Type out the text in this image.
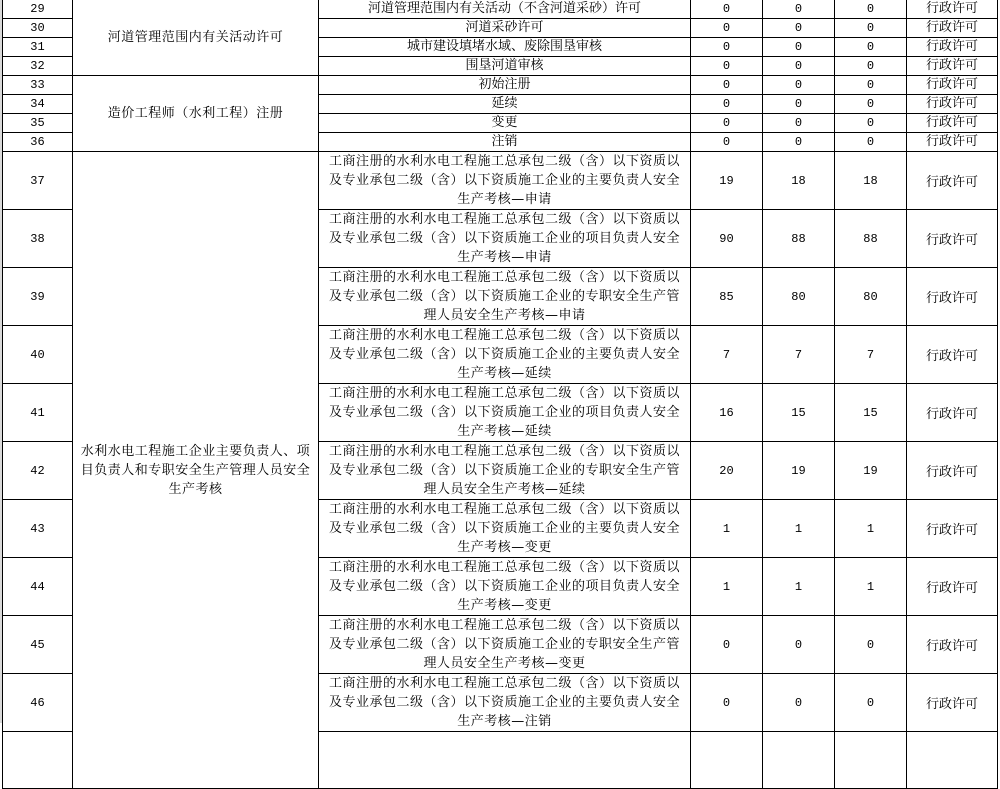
29	河道管理范围内有关活动许可	河道管理范围内有关活动（不含河道采砂）许可	0	0	0	行政许可
30		河道采砂许可	0	0	0	行政许可
31		城市建设填堵水域、废除围垦审核	0	0	0	行政许可
32		围垦河道审核	0	0	0	行政许可
33	造价工程师（水利工程）注册	初始注册	0	0	0	行政许可
34		延续	0	0	0	行政许可
35		变更	0	0	0	行政许可
36		注销	0	0	0	行政许可
37	水利水电工程施工企业主要负责人、项目负责人和专职安全生产管理人员安全生产考核	工商注册的水利水电工程施工总承包二级（含）以下资质以及专业承包二级（含）以下资质施工企业的主要负责人安全生产考核—申请	19	18	18	行政许可
38		工商注册的水利水电工程施工总承包二级（含）以下资质以及专业承包二级（含）以下资质施工企业的项目负责人安全生产考核—申请	90	88	88	行政许可
39		工商注册的水利水电工程施工总承包二级（含）以下资质以及专业承包二级（含）以下资质施工企业的专职安全生产管理人员安全生产考核—申请	85	80	80	行政许可
40		工商注册的水利水电工程施工总承包二级（含）以下资质以及专业承包二级（含）以下资质施工企业的主要负责人安全生产考核—延续	7	7	7	行政许可
41		工商注册的水利水电工程施工总承包二级（含）以下资质以及专业承包二级（含）以下资质施工企业的项目负责人安全生产考核—延续	16	15	15	行政许可
42		工商注册的水利水电工程施工总承包二级（含）以下资质以及专业承包二级（含）以下资质施工企业的专职安全生产管理人员安全生产考核—延续	20	19	19	行政许可
43		工商注册的水利水电工程施工总承包二级（含）以下资质以及专业承包二级（含）以下资质施工企业的主要负责人安全生产考核—变更	1	1	1	行政许可
44		工商注册的水利水电工程施工总承包二级（含）以下资质以及专业承包二级（含）以下资质施工企业的项目负责人安全生产考核—变更	1	1	1	行政许可
45		工商注册的水利水电工程施工总承包二级（含）以下资质以及专业承包二级（含）以下资质施工企业的专职安全生产管理人员安全生产考核—变更	0	0	0	行政许可
46		工商注册的水利水电工程施工总承包二级（含）以下资质以及专业承包二级（含）以下资质施工企业的主要负责人安全生产考核—注销	0	0	0	行政许可
